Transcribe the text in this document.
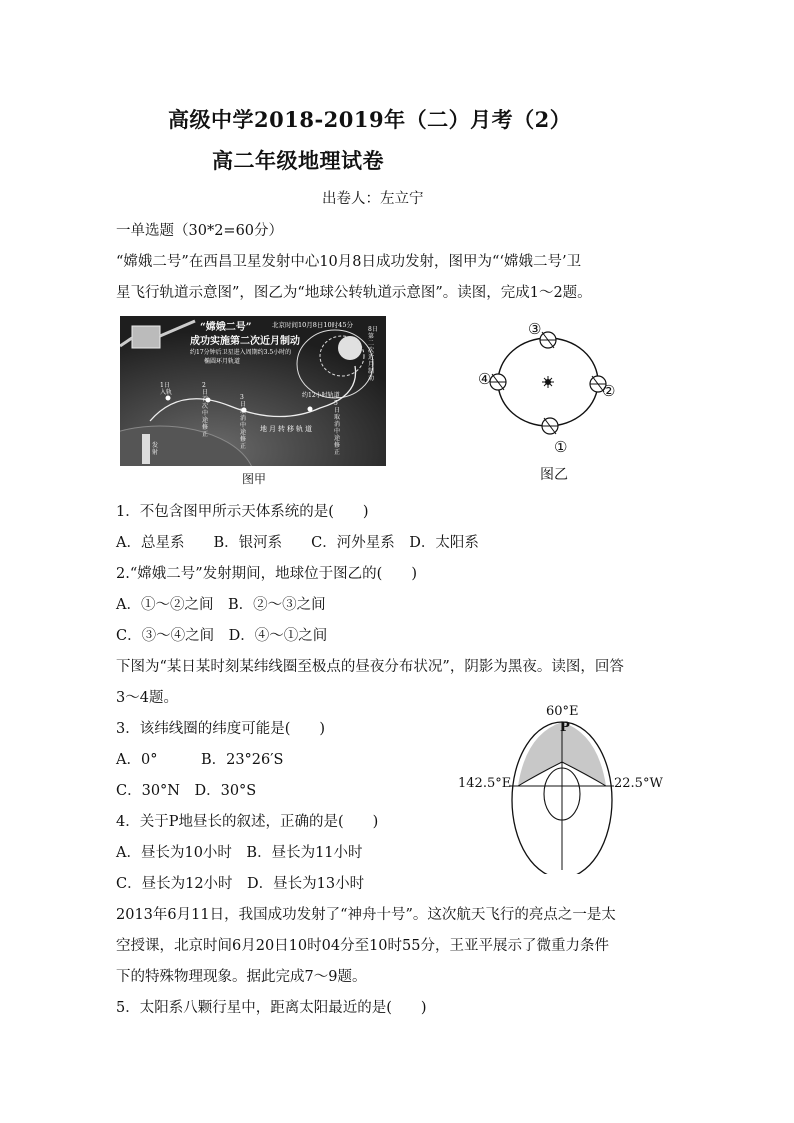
高级中学2018-2019年（二）月考（2）
高二年级地理试卷
出卷人：左立宁
一单选题（30*2=60分）
“嫦娥二号”在西昌卫星发射中心10月8日成功发射，图甲为“‘嫦娥二号’卫
星飞行轨道示意图”，图乙为“地球公转轨道示意图”。读图，完成1～2题。
“嫦娥二号”	北京时间10月8日10时45分
成功实施第二次近月制动
约17分钟后卫星进入周期约3.5小时的
椭圆环月轨道
约12小时轨道
8日第二次近月制动
1日入轨
2日首次中途修正
3日取消中途修正
5日取消中途修正
地月转移轨道
发射
图甲
③
④
②
①
图乙
1．不包含图甲所示天体系统的是(　　)
A．总星系　　B．银河系　　C．河外星系　D．太阳系
2.“嫦娥二号”发射期间，地球位于图乙的(　　)
A．①～②之间　B．②～③之间
C．③～④之间　D．④～①之间
下图为“某日某时刻某纬线圈至极点的昼夜分布状况”，阴影为黑夜。读图，回答
3～4题。
60°E
P
142.5°E	22.5°W
3．该纬线圈的纬度可能是(　　)
A．0°　　　B．23°26′S
C．30°N　D．30°S
4．关于P地昼长的叙述，正确的是(　　)
A．昼长为10小时　B．昼长为11小时
C．昼长为12小时　D．昼长为13小时
2013年6月11日，我国成功发射了“神舟十号”。这次航天飞行的亮点之一是太
空授课，北京时间6月20日10时04分至10时55分，王亚平展示了微重力条件
下的特殊物理现象。据此完成7～9题。
5．太阳系八颗行星中，距离太阳最近的是(　　)
